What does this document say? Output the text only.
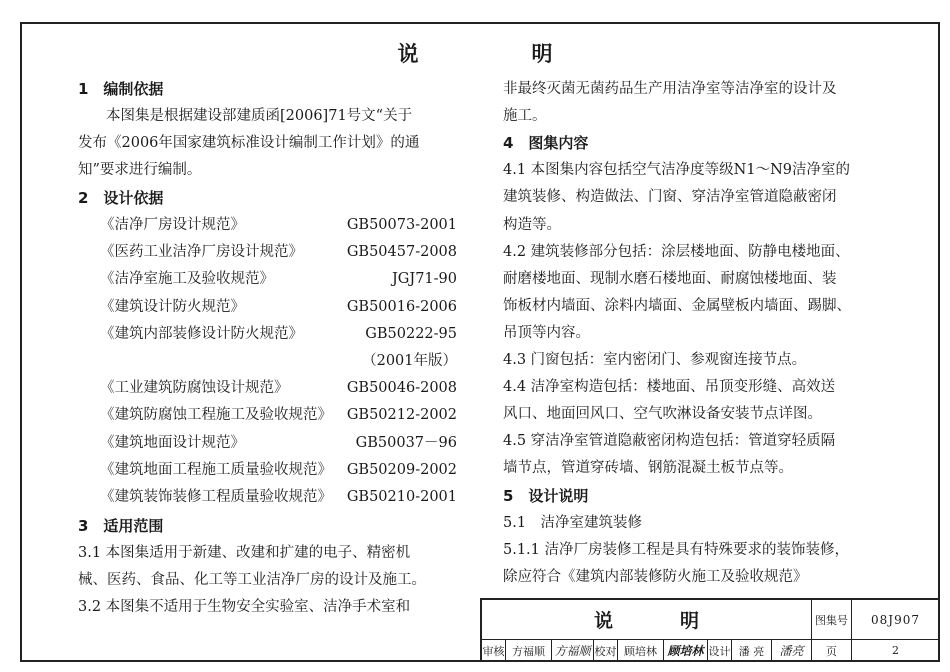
说　明
1　编制依据
本图集是根据建设部建质函[2006]71号文“关于
发布《2006年国家建筑标准设计编制工作计划》的通
知”要求进行编制。
2　设计依据
《洁净厂房设计规范》	GB50073-2001
《医药工业洁净厂房设计规范》	GB50457-2008
《洁净室施工及验收规范》	JGJ71-90
《建筑设计防火规范》	GB50016-2006
《建筑内部装修设计防火规范》	GB50222-95
（2001年版）
《工业建筑防腐蚀设计规范》	GB50046-2008
《建筑防腐蚀工程施工及验收规范》 GB50212-2002
《建筑地面设计规范》	GB50037－96
《建筑地面工程施工质量验收规范》 GB50209-2002
《建筑装饰装修工程质量验收规范》 GB50210-2001
3　适用范围
3.1 本图集适用于新建、改建和扩建的电子、精密机
械、医药、食品、化工等工业洁净厂房的设计及施工。
3.2 本图集不适用于生物安全实验室、洁净手术室和
非最终灭菌无菌药品生产用洁净室等洁净室的设计及
施工。
4　图集内容
4.1 本图集内容包括空气洁净度等级N1～N9洁净室的
建筑装修、构造做法、门窗、穿洁净室管道隐蔽密闭
构造等。
4.2 建筑装修部分包括：涂层楼地面、防静电楼地面、
耐磨楼地面、现制水磨石楼地面、耐腐蚀楼地面、装
饰板材内墙面、涂料内墙面、金属壁板内墙面、踢脚、
吊顶等内容。
4.3 门窗包括：室内密闭门、参观窗连接节点。
4.4 洁净室构造包括：楼地面、吊顶变形缝、高效送
风口、地面回风口、空气吹淋设备安装节点详图。
4.5 穿洁净室管道隐蔽密闭构造包括：管道穿轻质隔
墙节点，管道穿砖墙、钢筋混凝土板节点等。
5　设计说明
5.1　洁净室建筑装修
5.1.1 洁净厂房装修工程是具有特殊要求的装饰装修，
除应符合《建筑内部装修防火施工及验收规范》
说　明	图集号	08J907
审核 方福顺 方福顺 校对 顾培林 顾培林 设计 潘 亮	潘亮	页	2
